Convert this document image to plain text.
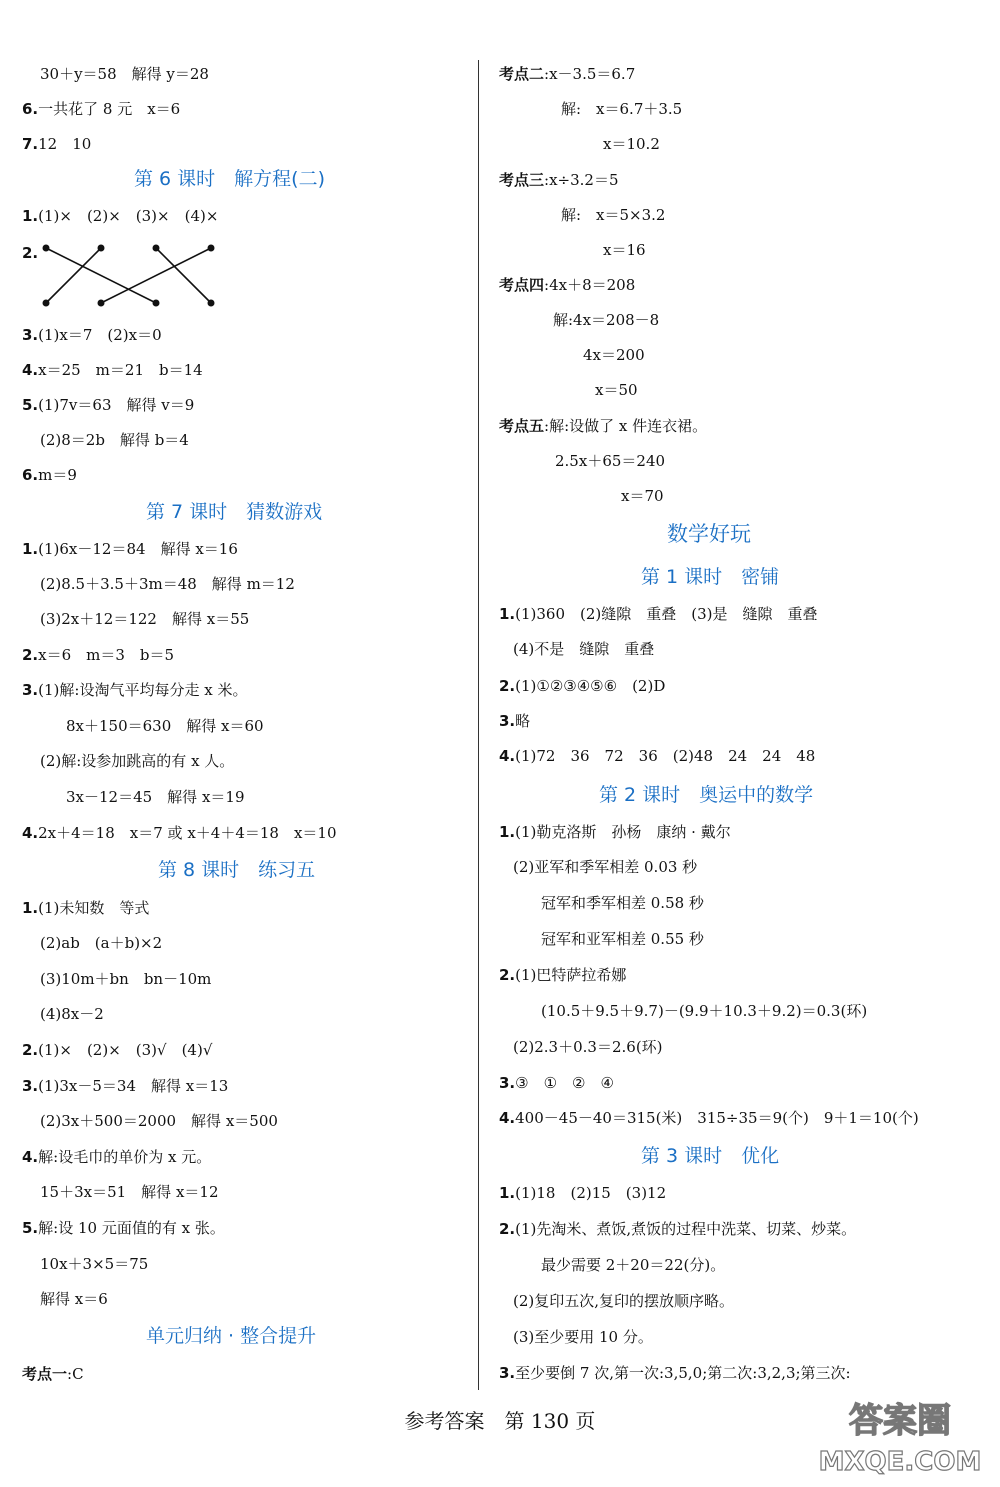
30＋y＝58　解得 y＝28
6.一共花了 8 元　x＝6
7.12　10
1.(1)×　(2)×　(3)×　(4)×
2.
3.(1)x＝7　(2)x＝0
4.x＝25　m＝21　b＝14
5.(1)7v＝63　解得 v＝9
(2)8＝2b　解得 b＝4
6.m＝9
1.(1)6x－12＝84　解得 x＝16
(2)8.5＋3.5＋3m＝48　解得 m＝12
(3)2x＋12＝122　解得 x＝55
2.x＝6　m＝3　b＝5
3.(1)解:设淘气平均每分走 x 米。
8x＋150＝630　解得 x＝60
(2)解:设参加跳高的有 x 人。
3x－12＝45　解得 x＝19
4.2x＋4＝18　x＝7 或 x＋4＋4＝18　x＝10
1.(1)未知数　等式
(2)ab　(a＋b)×2
(3)10m＋bn　bn－10m
(4)8x－2
2.(1)×　(2)×　(3)√　(4)√
3.(1)3x－5＝34　解得 x＝13
(2)3x＋500＝2000　解得 x＝500
4.解:设毛巾的单价为 x 元。
15＋3x＝51　解得 x＝12
5.解:设 10 元面值的有 x 张。
10x＋3×5＝75
解得 x＝6
考点一:C
第 6 课时　解方程(二)
第 7 课时　猜数游戏
第 8 课时　练习五
单元归纳 · 整合提升
考点二:x－3.5＝6.7
解:　x＝6.7＋3.5
x＝10.2
考点三:x÷3.2＝5
解:　x＝5×3.2
x＝16
考点四:4x＋8＝208
解:4x＝208－8
4x＝200
x＝50
考点五:解:设做了 x 件连衣裙。
2.5x＋65＝240
x＝70
1.(1)360　(2)缝隙　重叠　(3)是　缝隙　重叠
(4)不是　缝隙　重叠
2.(1)①②③④⑤⑥　(2)D
3.略
4.(1)72　36　72　36　(2)48　24　24　48
1.(1)勒克洛斯　孙杨　康纳 · 戴尔
(2)亚军和季军相差 0.03 秒
冠军和季军相差 0.58 秒
冠军和亚军相差 0.55 秒
2.(1)巴特萨拉希娜
(10.5＋9.5＋9.7)－(9.9＋10.3＋9.2)＝0.3(环)
(2)2.3＋0.3＝2.6(环)
3.③　①　②　④
4.400－45－40＝315(米)　315÷35＝9(个)　9＋1＝10(个)
1.(1)18　(2)15　(3)12
2.(1)先淘米、煮饭,煮饭的过程中洗菜、切菜、炒菜。
最少需要 2＋20＝22(分)。
(2)复印五次,复印的摆放顺序略。
(3)至少要用 10 分。
3.至少要倒 7 次,第一次:3,5,0;第二次:3,2,3;第三次:
数学好玩
第 1 课时　密铺
第 2 课时　奥运中的数学
第 3 课时　优化
参考答案　第 130 页	答案圈
MXQE.COM
